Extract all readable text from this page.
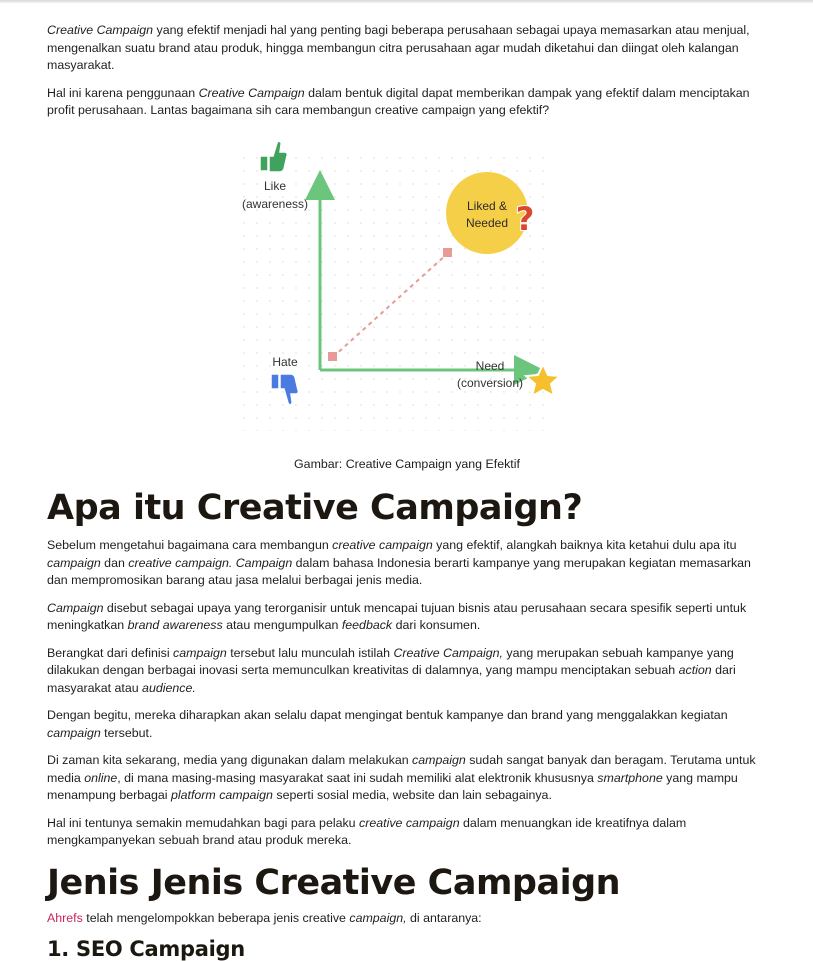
Creative Campaign yang efektif menjadi hal yang penting bagi beberapa perusahaan sebagai upaya memasarkan atau menjual, mengenalkan suatu brand atau produk, hingga membangun citra perusahaan agar mudah diketahui dan diingat oleh kalangan masyarakat.

Hal ini karena penggunaan Creative Campaign dalam bentuk digital dapat memberikan dampak yang efektif dalam menciptakan profit perusahaan. Lantas bagaimana sih cara membangun creative campaign yang efektif?

Liked &
Needed ?
Like
(awareness)
Hate	Need
(conversion)

Gambar: Creative Campaign yang Efektif

Apa itu Creative Campaign?

Sebelum mengetahui bagaimana cara membangun creative campaign yang efektif, alangkah baiknya kita ketahui dulu apa itu campaign dan creative campaign. Campaign dalam bahasa Indonesia berarti kampanye yang merupakan kegiatan memasarkan dan mempromosikan barang atau jasa melalui berbagai jenis media.

Campaign disebut sebagai upaya yang terorganisir untuk mencapai tujuan bisnis atau perusahaan secara spesifik seperti untuk meningkatkan brand awareness atau mengumpulkan feedback dari konsumen.

Berangkat dari definisi campaign tersebut lalu munculah istilah Creative Campaign, yang merupakan sebuah kampanye yang dilakukan dengan berbagai inovasi serta memunculkan kreativitas di dalamnya, yang mampu menciptakan sebuah action dari masyarakat atau audience.

Dengan begitu, mereka diharapkan akan selalu dapat mengingat bentuk kampanye dan brand yang menggalakkan kegiatan campaign tersebut.

Di zaman kita sekarang, media yang digunakan dalam melakukan campaign sudah sangat banyak dan beragam. Terutama untuk media online, di mana masing-masing masyarakat saat ini sudah memiliki alat elektronik khususnya smartphone yang mampu menampung berbagai platform campaign seperti sosial media, website dan lain sebagainya.

Hal ini tentunya semakin memudahkan bagi para pelaku creative campaign dalam menuangkan ide kreatifnya dalam mengkampanyekan sebuah brand atau produk mereka.

Jenis Jenis Creative Campaign

Ahrefs telah mengelompokkan beberapa jenis creative campaign, di antaranya:

1. SEO Campaign
